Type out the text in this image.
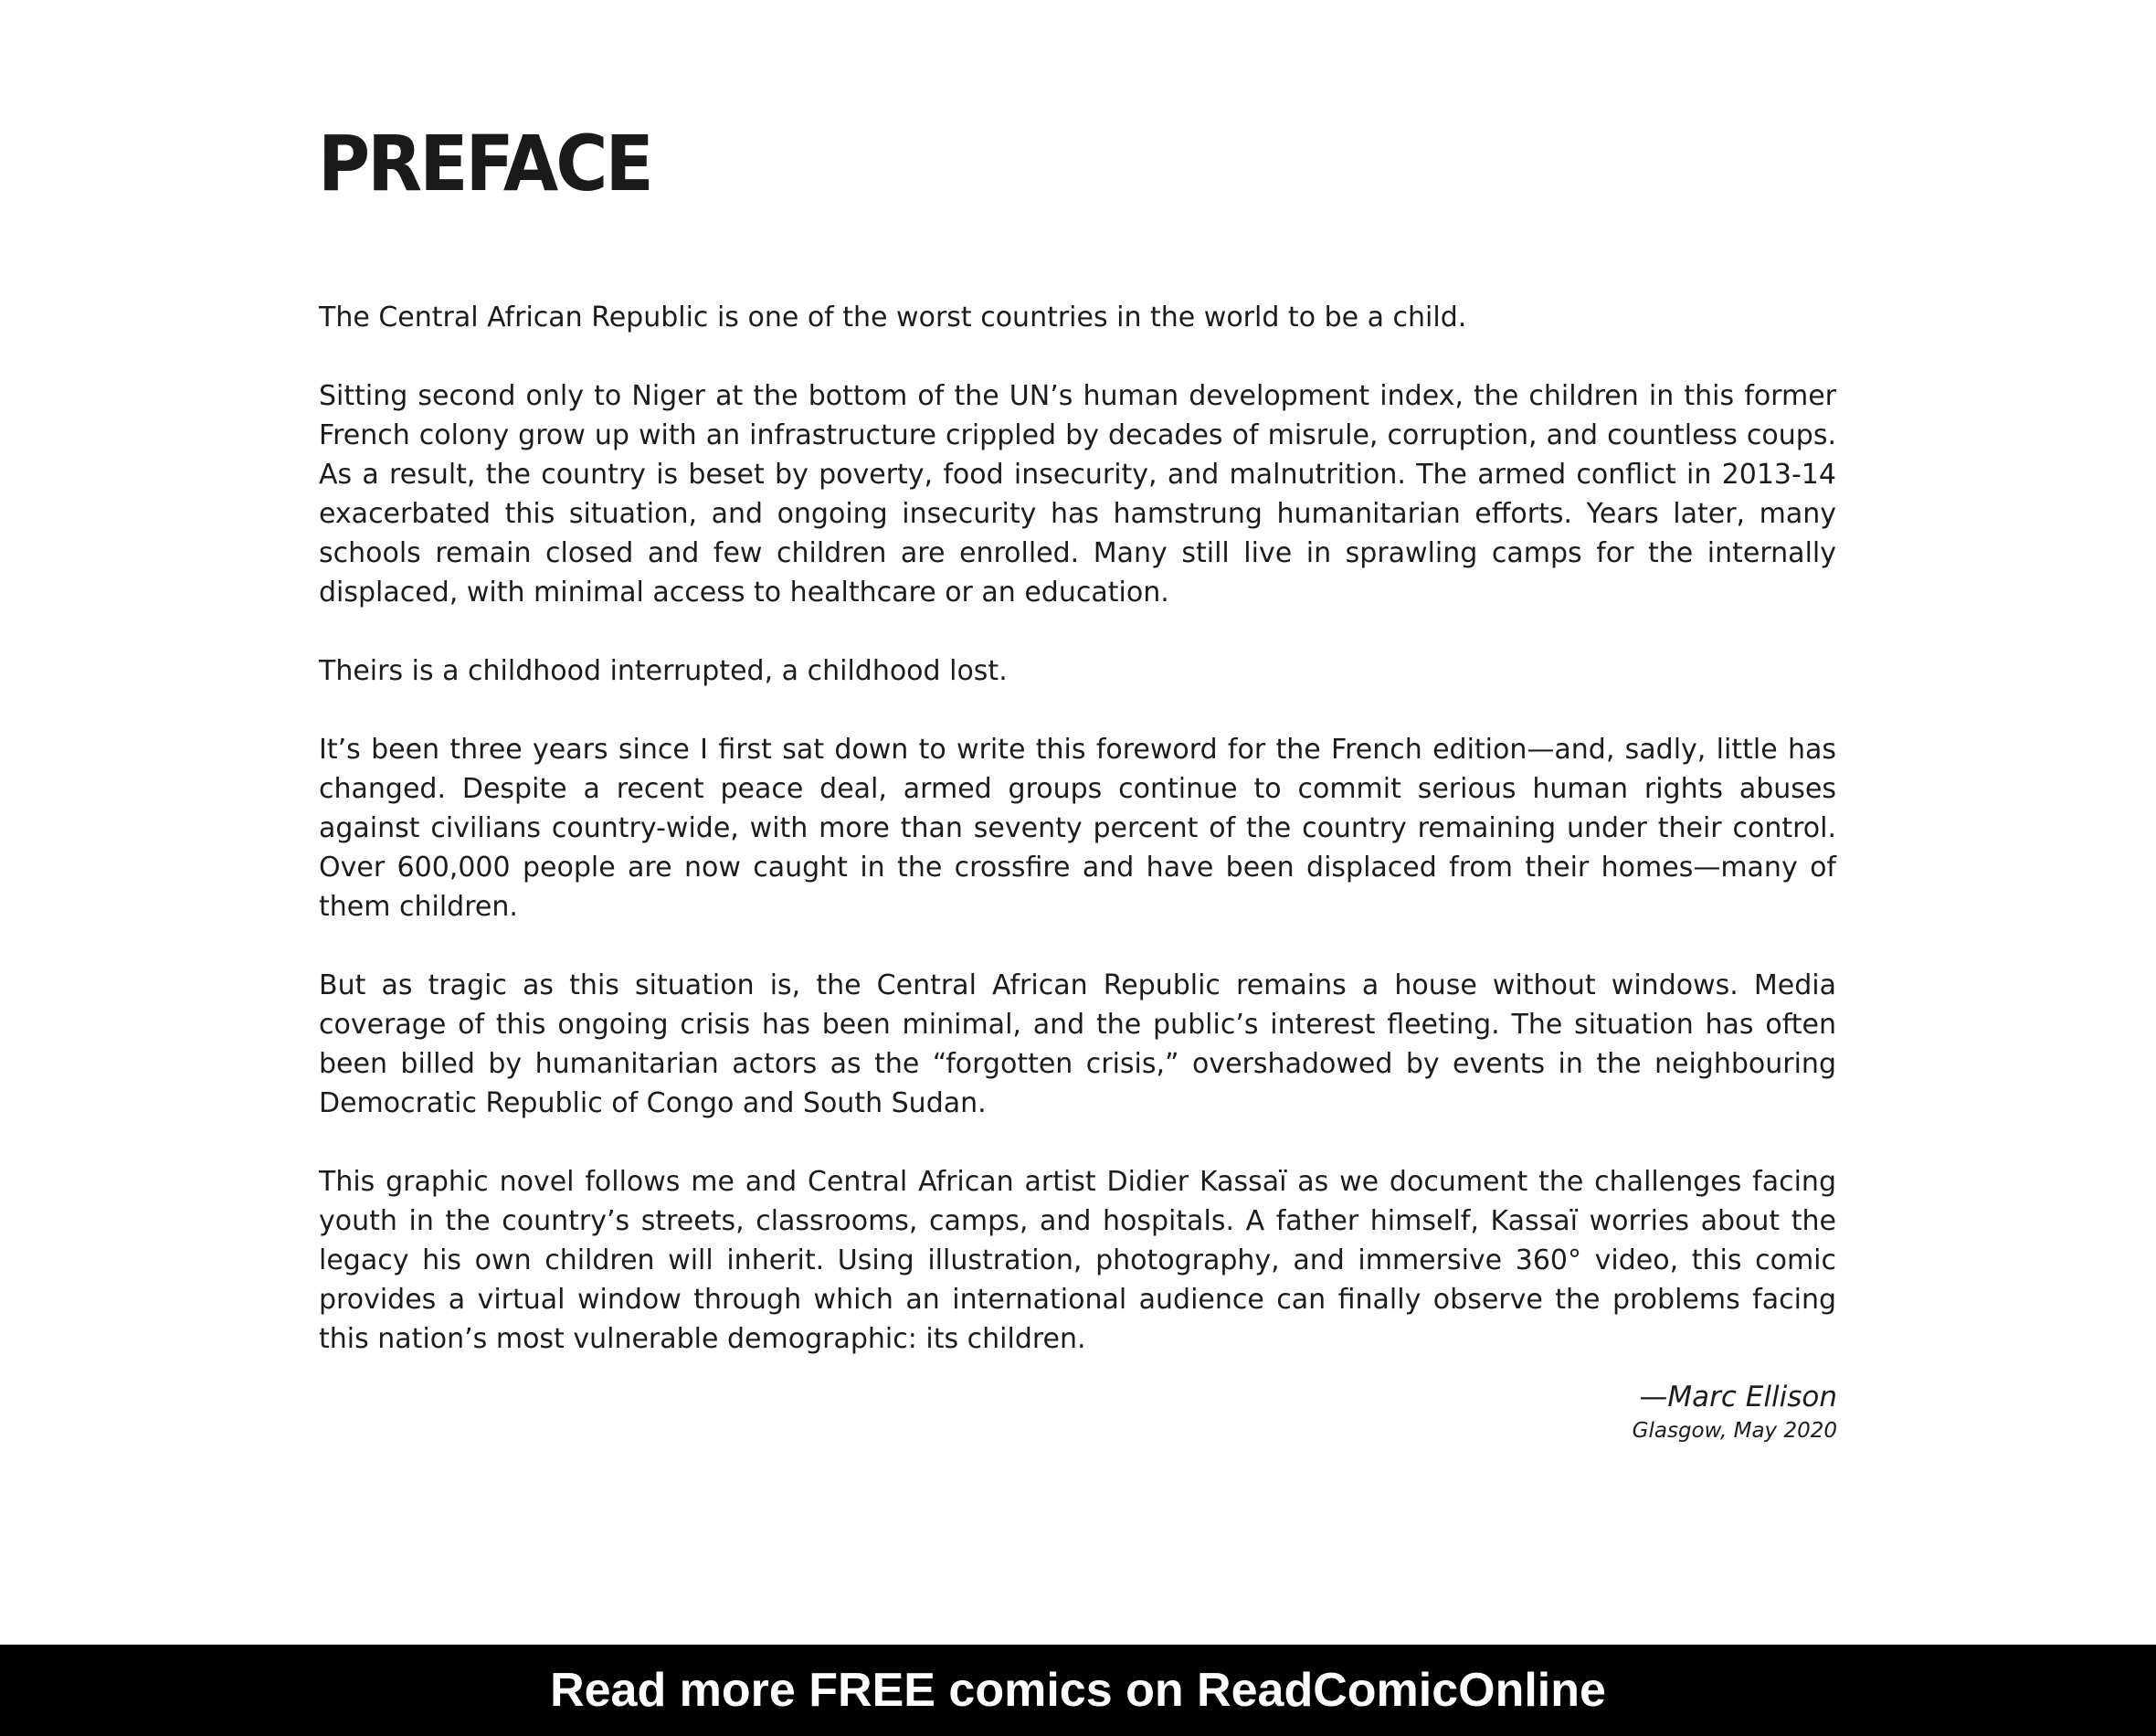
PREFACE

The Central African Republic is one of the worst countries in the world to be a child.

Sitting second only to Niger at the bottom of the UN’s human development index, the children in this former French colony grow up with an infrastructure crippled by decades of misrule, corruption, and countless coups. As a result, the country is beset by poverty, food insecurity, and malnutrition. The armed conflict in 2013-14 exacerbated this situation, and ongoing insecurity has hamstrung humanitarian efforts. Years later, many schools remain closed and few children are enrolled. Many still live in sprawling camps for the internally displaced, with minimal access to healthcare or an education.

Theirs is a childhood interrupted, a childhood lost.

It’s been three years since I first sat down to write this foreword for the French edition—and, sadly, little has changed. Despite a recent peace deal, armed groups continue to commit serious human rights abuses against civilians country-wide, with more than seventy percent of the country remaining under their control. Over 600,000 people are now caught in the crossfire and have been displaced from their homes—many of them children.

But as tragic as this situation is, the Central African Republic remains a house without windows. Media coverage of this ongoing crisis has been minimal, and the public’s interest fleeting. The situation has often been billed by humanitarian actors as the “forgotten crisis,” overshadowed by events in the neighbouring Democratic Republic of Congo and South Sudan.

This graphic novel follows me and Central African artist Didier Kassaï as we document the challenges facing youth in the country’s streets, classrooms, camps, and hospitals. A father himself, Kassaï worries about the legacy his own children will inherit. Using illustration, photography, and immersive 360° video, this comic provides a virtual window through which an international audience can finally observe the problems facing this nation’s most vulnerable demographic: its children.

—Marc Ellison
Glasgow, May 2020
Read more FREE comics on ReadComicOnline
